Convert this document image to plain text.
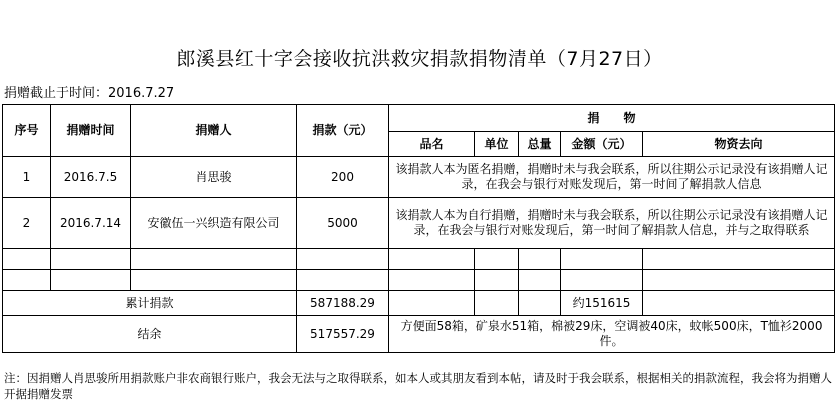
郎溪县红十字会接收抗洪救灾捐款捐物清单（7月27日）
捐赠截止于时间：2016.7.27
序号	捐赠时间	捐赠人	捐款（元）	捐　　物				
				品名	单位	总量	金额（元）	物资去向
1	2016.7.5	肖思骏	200	该捐款人本为匿名捐赠，捐赠时未与我会联系，所以往期公示记录没有该捐赠人记录，在我会与银行对账发现后，第一时间了解捐款人信息				
2	2016.7.14	安徽伍一兴织造有限公司	5000	该捐款人本为自行捐赠，捐赠时未与我会联系，所以往期公示记录没有该捐赠人记录，在我会与银行对账发现后，第一时间了解捐款人信息，并与之取得联系				

累计捐款			587188.29				约151615	
结余			517557.29	方便面58箱，矿泉水51箱，棉被29床，空调被40床，蚊帐500床，T恤衫2000件。				
注：因捐赠人肖思骏所用捐款账户非农商银行账户，我会无法与之取得联系，如本人或其朋友看到本帖，请及时于我会联系，根据相关的捐款流程，我会将为捐赠人开据捐赠发票
